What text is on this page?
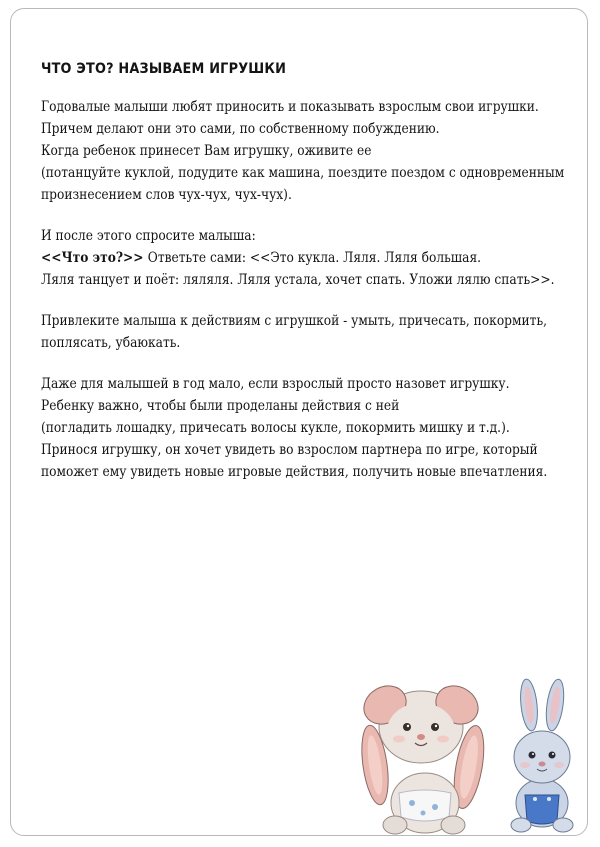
ЧТО ЭТО? НАЗЫВАЕМ ИГРУШКИ
Годовалые малыши любят приносить и показывать взрослым свои игрушки.
Причем делают они это сами, по собственному побуждению.
Когда ребенок принесет Вам игрушку, оживите ее
(потанцуйте куклой, подудите как машина, поездите поездом с одновременным
произнесением слов чух-чух, чух-чух).
И после этого спросите малыша:
<<Что это?>> Ответьте сами: <<Это кукла. Ляля. Ляля большая.
Ляля танцует и поёт: ляляля. Ляля устала, хочет спать. Уложи лялю спать>>.
Привлеките малыша к действиям с игрушкой - умыть, причесать, покормить,
поплясать, убаюкать.
Даже для малышей в год мало, если взрослый просто назовет игрушку.
Ребенку важно, чтобы были проделаны действия с ней
(погладить лошадку, причесать волосы кукле, покормить мишку и т.д.).
Принося игрушку, он хочет увидеть во взрослом партнера по игре, который
поможет ему увидеть новые игровые действия, получить новые впечатления.
